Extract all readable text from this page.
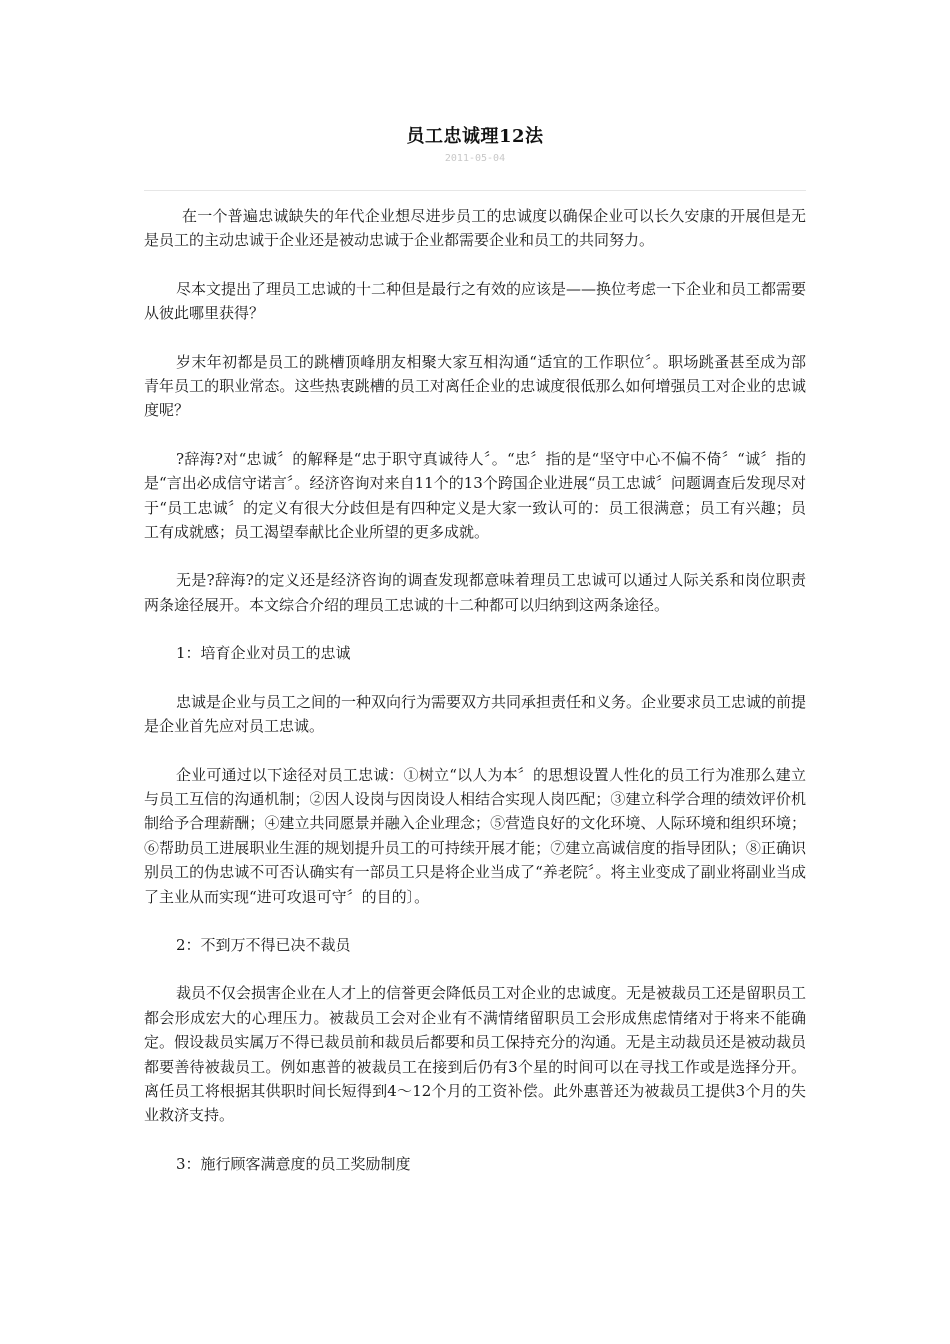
员工忠诚理12法
2011-05-04

在一个普遍忠诚缺失的年代企业想尽进步员工的忠诚度以确保企业可以长久安康的开展但是无是员工的主动忠诚于企业还是被动忠诚于企业都需要企业和员工的共同努力。

尽本文提出了理员工忠诚的十二种但是最行之有效的应该是——换位考虑一下企业和员工都需要从彼此哪里获得？

岁末年初都是员工的跳槽顶峰朋友相聚大家互相沟通“适宜的工作职位〞。职场跳蚤甚至成为部青年员工的职业常态。这些热衷跳槽的员工对离任企业的忠诚度很低那么如何增强员工对企业的忠诚度呢？

?辞海?对“忠诚〞的解释是“忠于职守真诚待人〞。“忠〞指的是“坚守中心不偏不倚〞“诚〞指的是“言出必成信守诺言〞。经济咨询对来自11个的13个跨国企业进展“员工忠诚〞问题调查后发现尽对于“员工忠诚〞的定义有很大分歧但是有四种定义是大家一致认可的：员工很满意；员工有兴趣；员工有成就感；员工渴望奉献比企业所望的更多成就。

无是?辞海?的定义还是经济咨询的调查发现都意味着理员工忠诚可以通过人际关系和岗位职责两条途径展开。本文综合介绍的理员工忠诚的十二种都可以归纳到这两条途径。

1：培育企业对员工的忠诚

忠诚是企业与员工之间的一种双向行为需要双方共同承担责任和义务。企业要求员工忠诚的前提是企业首先应对员工忠诚。

企业可通过以下途径对员工忠诚：①树立“以人为本〞的思想设置人性化的员工行为准那么建立与员工互信的沟通机制；②因人设岗与因岗设人相结合实现人岗匹配；③建立科学合理的绩效评价机制给予合理薪酬；④建立共同愿景并融入企业理念；⑤营造良好的文化环境、人际环境和组织环境；⑥帮助员工进展职业生涯的规划提升员工的可持续开展才能；⑦建立高诚信度的指导团队；⑧正确识别员工的伪忠诚不可否认确实有一部员工只是将企业当成了“养老院〞。将主业变成了副业将副业当成了主业从而实现“进可攻退可守〞的目的〕。

2：不到万不得已决不裁员

裁员不仅会损害企业在人才上的信誉更会降低员工对企业的忠诚度。无是被裁员工还是留职员工都会形成宏大的心理压力。被裁员工会对企业有不满情绪留职员工会形成焦虑情绪对于将来不能确定。假设裁员实属万不得已裁员前和裁员后都要和员工保持充分的沟通。无是主动裁员还是被动裁员都要善待被裁员工。例如惠普的被裁员工在接到后仍有3个星的时间可以在寻找工作或是选择分开。离任员工将根据其供职时间长短得到4～12个月的工资补偿。此外惠普还为被裁员工提供3个月的失业救济支持。

3：施行顾客满意度的员工奖励制度
